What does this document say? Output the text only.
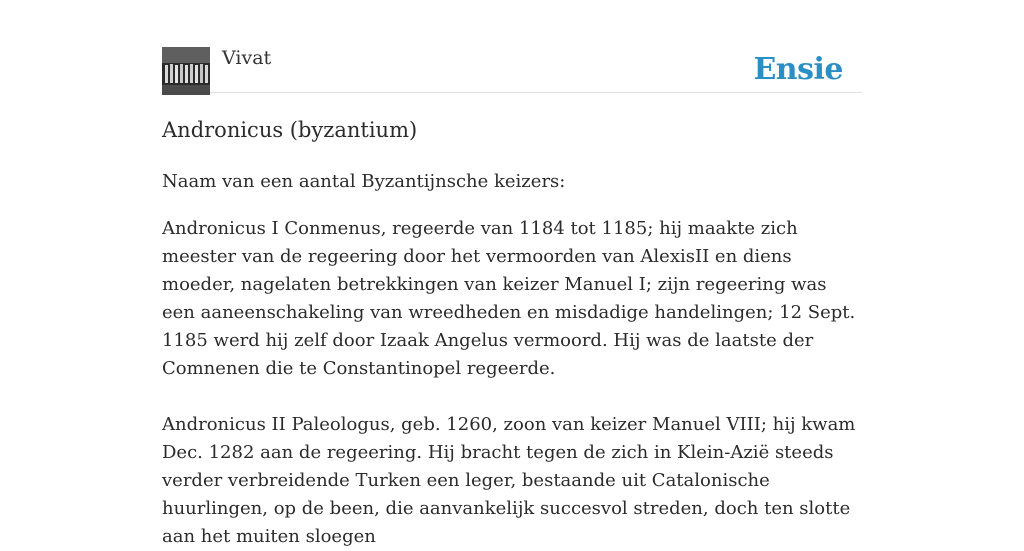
Vivat	Ensie
Andronicus (byzantium)

Naam van een aantal Byzantijnsche keizers:

Andronicus I Conmenus, regeerde van 1184 tot 1185; hij maakte zich meester van de regeering door het vermoorden van AlexisII en diens moeder, nagelaten betrekkingen van keizer Manuel I; zijn regeering was een aaneenschakeling van wreedheden en misdadige handelingen; 12 Sept. 1185 werd hij zelf door Izaak Angelus vermoord. Hij was de laatste der Comnenen die te Constantinopel regeerde.

Andronicus II Paleologus, geb. 1260, zoon van keizer Manuel VIII; hij kwam Dec. 1282 aan de regeering. Hij bracht tegen de zich in Klein-Azië steeds verder verbreidende Turken een leger, bestaande uit Catalonische huurlingen, op de been, die aanvankelijk succesvol streden, doch ten slotte aan het muiten sloegen
